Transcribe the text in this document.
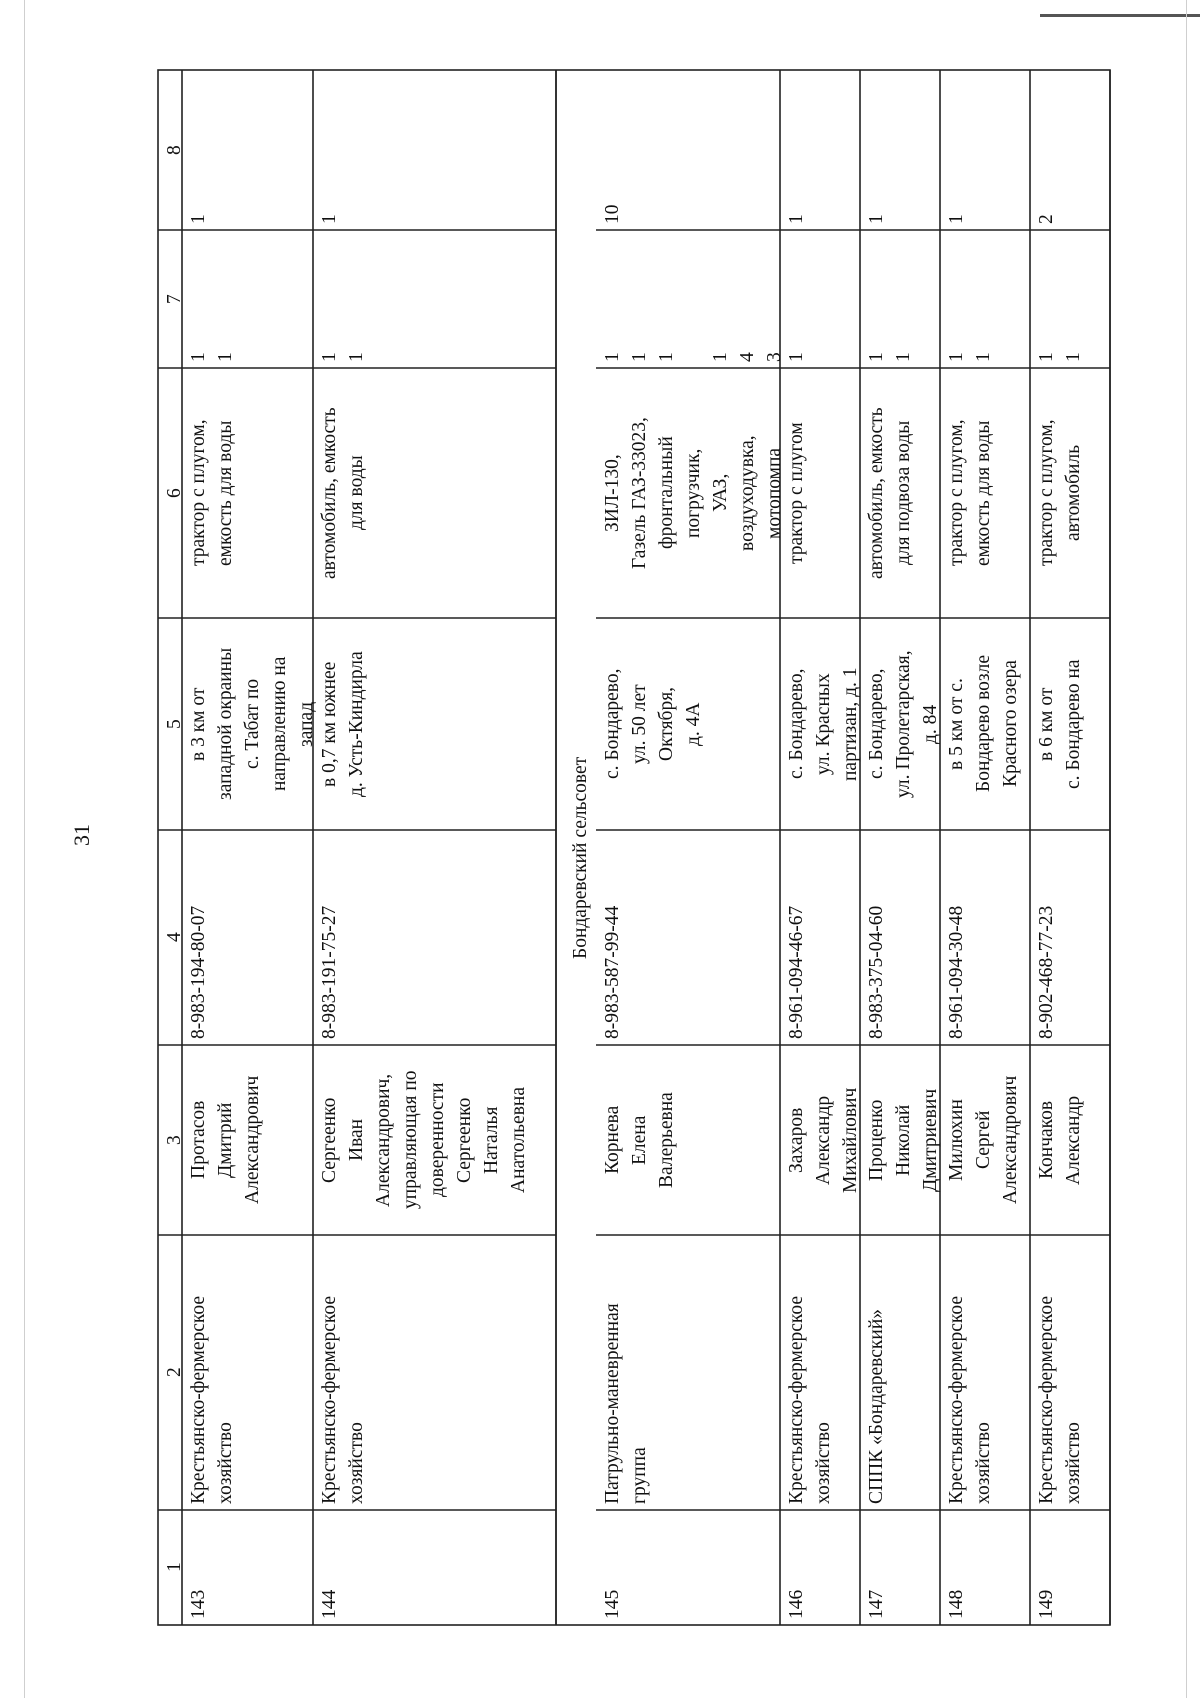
31
1
2
3
4
5
6
7
8
143
Крестьянско-фермерское
хозяйство
Протасов
Дмитрий
Александрович
8-983-194-80-07
в 3 км от
западной окраины
с. Табат по
направлению на
запад
трактор с плугом,
емкость для воды
1
1
1
144
Крестьянско-фермерское
хозяйство
Сергеенко
Иван
Александрович,
управляющая по
доверенности
Сергеенко
Наталья
Анатольевна
8-983-191-75-27
в 0,7 км южнее
д. Усть-Киндирла
автомобиль, емкость
для воды
1
1
1
145
Патрульно-маневренная
группа
Корнева
Елена
Валерьевна
8-983-587-99-44
с. Бондарево,
ул. 50 лет
Октября,
д. 4А
ЗИЛ-130,
Газель ГАЗ-33023,
фронтальный
погрузчик,
УАЗ,
воздуходувка,
мотопомпа
1
1
1

1
4
3
10
146
Крестьянско-фермерское
хозяйство
Захаров
Александр
Михайлович
8-961-094-46-67
с. Бондарево,
ул. Красных
партизан, д. 1
трактор с плугом
1
1
147
СППК «Бондаревский»
Проценко
Николай
Дмитриевич
8-983-375-04-60
с. Бондарево,
ул. Пролетарская,
д. 84
автомобиль, емкость
для подвоза воды
1
1
1
148
Крестьянско-фермерское
хозяйство
Милюхин
Сергей
Александрович
8-961-094-30-48
в 5 км от с.
Бондарево возле
Красного озера
трактор с плугом,
емкость для воды
1
1
1
149
Крестьянско-фермерское
хозяйство
Кончаков
Александр
8-902-468-77-23
в 6 км от
с. Бондарево на
трактор с плугом,
автомобиль
1
1
2
Бондаревский сельсовет
